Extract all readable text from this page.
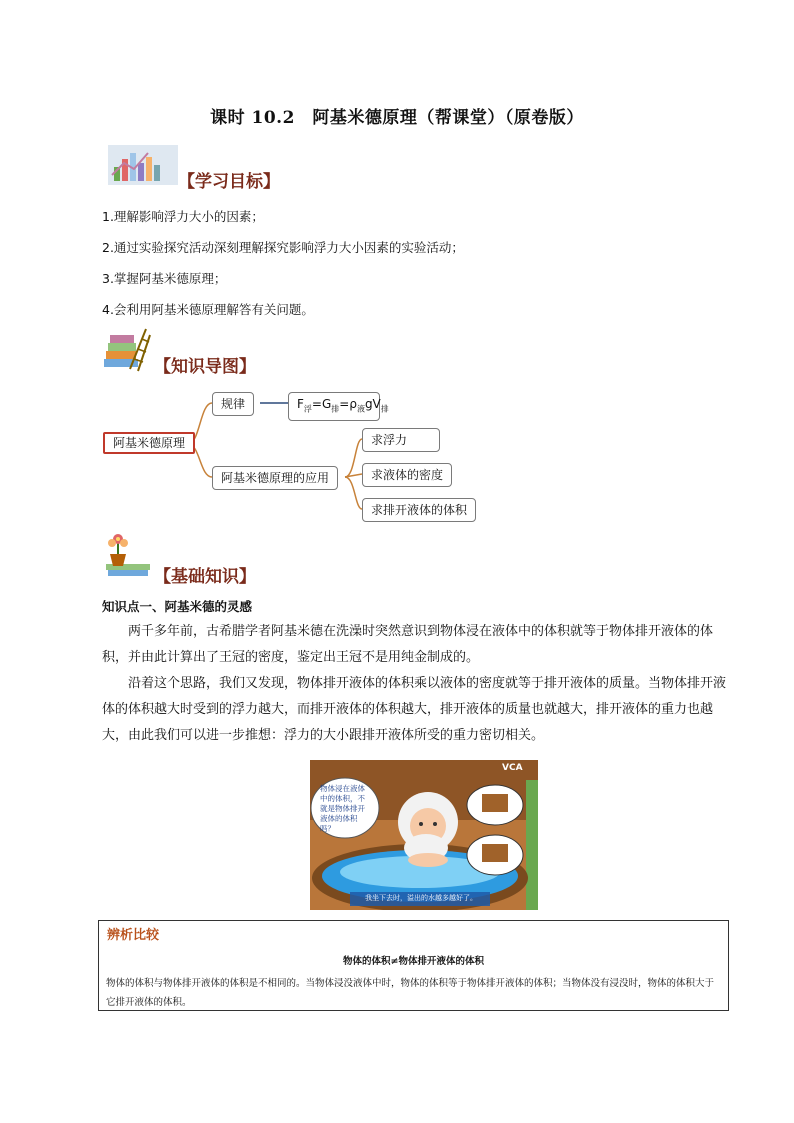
课时 10.2　阿基米德原理（帮课堂）（原卷版）
【学习目标】
1.理解影响浮力大小的因素；
2.通过实验探究活动深刻理解探究影响浮力大小因素的实验活动；
3.掌握阿基米德原理；
4.会利用阿基米德原理解答有关问题。
【知识导图】
阿基米德原理
规律	$F_浮=G_排=\rho_液gV_排$
阿基米德原理的应用
求浮力
求液体的密度
求排开液体的体积
【基础知识】
知识点一、阿基米德的灵感

两千多年前，古希腊学者阿基米德在洗澡时突然意识到物体浸在液体中的体积就等于物体排开液体的体积，并由此计算出了王冠的密度，鉴定出王冠不是用纯金制成的。

沿着这个思路，我们又发现，物体排开液体的体积乘以液体的密度就等于排开液体的质量。当物体排开液体的体积越大时受到的浮力越大，而排开液体的体积越大，排开液体的质量也就越大，排开液体的重力也越大，由此我们可以进一步推想：浮力的大小跟排开液体所受的重力密切相关。

物体浸在液体中的体积，不就是物体排开液体的体积吗？
我坐下去时，溢出的水越多越好了。
VCA
辨析比较
物体的体积≠物体排开液体的体积
物体的体积与物体排开液体的体积是不相同的。当物体浸没液体中时，物体的体积等于物体排开液体的体积；当物体没有浸没时，物体的体积大于它排开液体的体积。
